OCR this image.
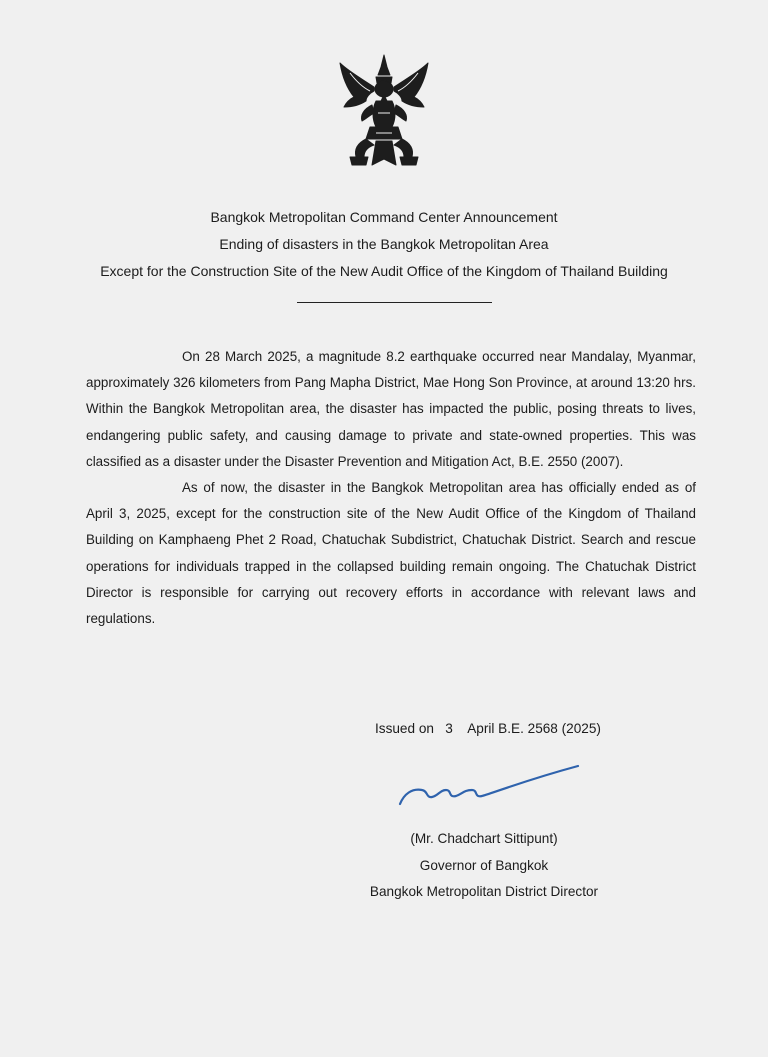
Bangkok Metropolitan Command Center Announcement
Ending of disasters in the Bangkok Metropolitan Area
Except for the Construction Site of the New Audit Office of the Kingdom of Thailand Building

On 28 March 2025, a magnitude 8.2 earthquake occurred near Mandalay, Myanmar, approximately 326 kilometers from Pang Mapha District, Mae Hong Son Province, at around 13:20 hrs. Within the Bangkok Metropolitan area, the disaster has impacted the public, posing threats to lives, endangering public safety, and causing damage to private and state-owned properties. This was classified as a disaster under the Disaster Prevention and Mitigation Act, B.E. 2550 (2007).

As of now, the disaster in the Bangkok Metropolitan area has officially ended as of April 3, 2025, except for the construction site of the New Audit Office of the Kingdom of Thailand Building on Kamphaeng Phet 2 Road, Chatuchak Subdistrict, Chatuchak District. Search and rescue operations for individuals trapped in the collapsed building remain ongoing. The Chatuchak District Director is responsible for carrying out recovery efforts in accordance with relevant laws and regulations.

Issued on   3    April B.E. 2568 (2025)
(Mr. Chadchart Sittipunt)
Governor of Bangkok
Bangkok Metropolitan District Director
